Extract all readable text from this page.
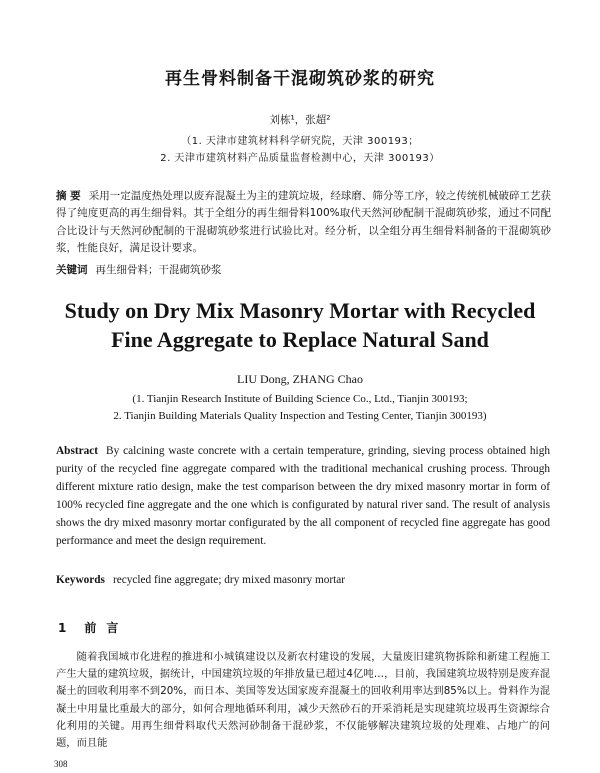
再生骨料制备干混砌筑砂浆的研究
刘栋¹，张超²
（1. 天津市建筑材料科学研究院，天津 300193；
2. 天津市建筑材料产品质量监督检测中心，天津 300193）
摘 要 采用一定温度热处理以废弃混凝土为主的建筑垃圾，经球磨、筛分等工序，较之传统机械破碎工艺获得了纯度更高的再生细骨料。其于全组分的再生细骨料100%取代天然河砂配制干混砌筑砂浆，通过不同配合比设计与天然河砂配制的干混砌筑砂浆进行试验比对。经分析，以全组分再生细骨料制备的干混砌筑砂浆，性能良好，满足设计要求。
关键词 再生细骨料；干混砌筑砂浆
Study on Dry Mix Masonry Mortar with Recycled
Fine Aggregate to Replace Natural Sand
LIU Dong, ZHANG Chao
(1. Tianjin Research Institute of Building Science Co., Ltd., Tianjin 300193;
2. Tianjin Building Materials Quality Inspection and Testing Center, Tianjin 300193)
Abstract By calcining waste concrete with a certain temperature, grinding, sieving process obtained high purity of the recycled fine aggregate compared with the traditional mechanical crushing process. Through different mixture ratio design, make the test comparison between the dry mixed masonry mortar in form of 100% recycled fine aggregate and the one which is configurated by natural river sand. The result of analysis shows the dry mixed masonry mortar configurated by the all component of recycled fine aggregate has good performance and meet the design requirement.
Keywords recycled fine aggregate; dry mixed masonry mortar
1 前言
随着我国城市化进程的推进和小城镇建设以及新农村建设的发展，大量废旧建筑物拆除和新建工程施工产生大量的建筑垃圾，据统计，中国建筑垃圾的年排放量已超过4亿吨…，目前，我国建筑垃圾特别是废弃混凝土的回收利用率不到20%，而日本、美国等发达国家废弃混凝土的回收利用率达到85%以上。骨料作为混凝土中用量比重最大的部分，如何合理地循环利用，减少天然砂石的开采消耗是实现建筑垃圾再生资源综合化利用的关键。用再生细骨料取代天然河砂制备干混砂浆，不仅能够解决建筑垃圾的处理难、占地广的问题，而且能
308
